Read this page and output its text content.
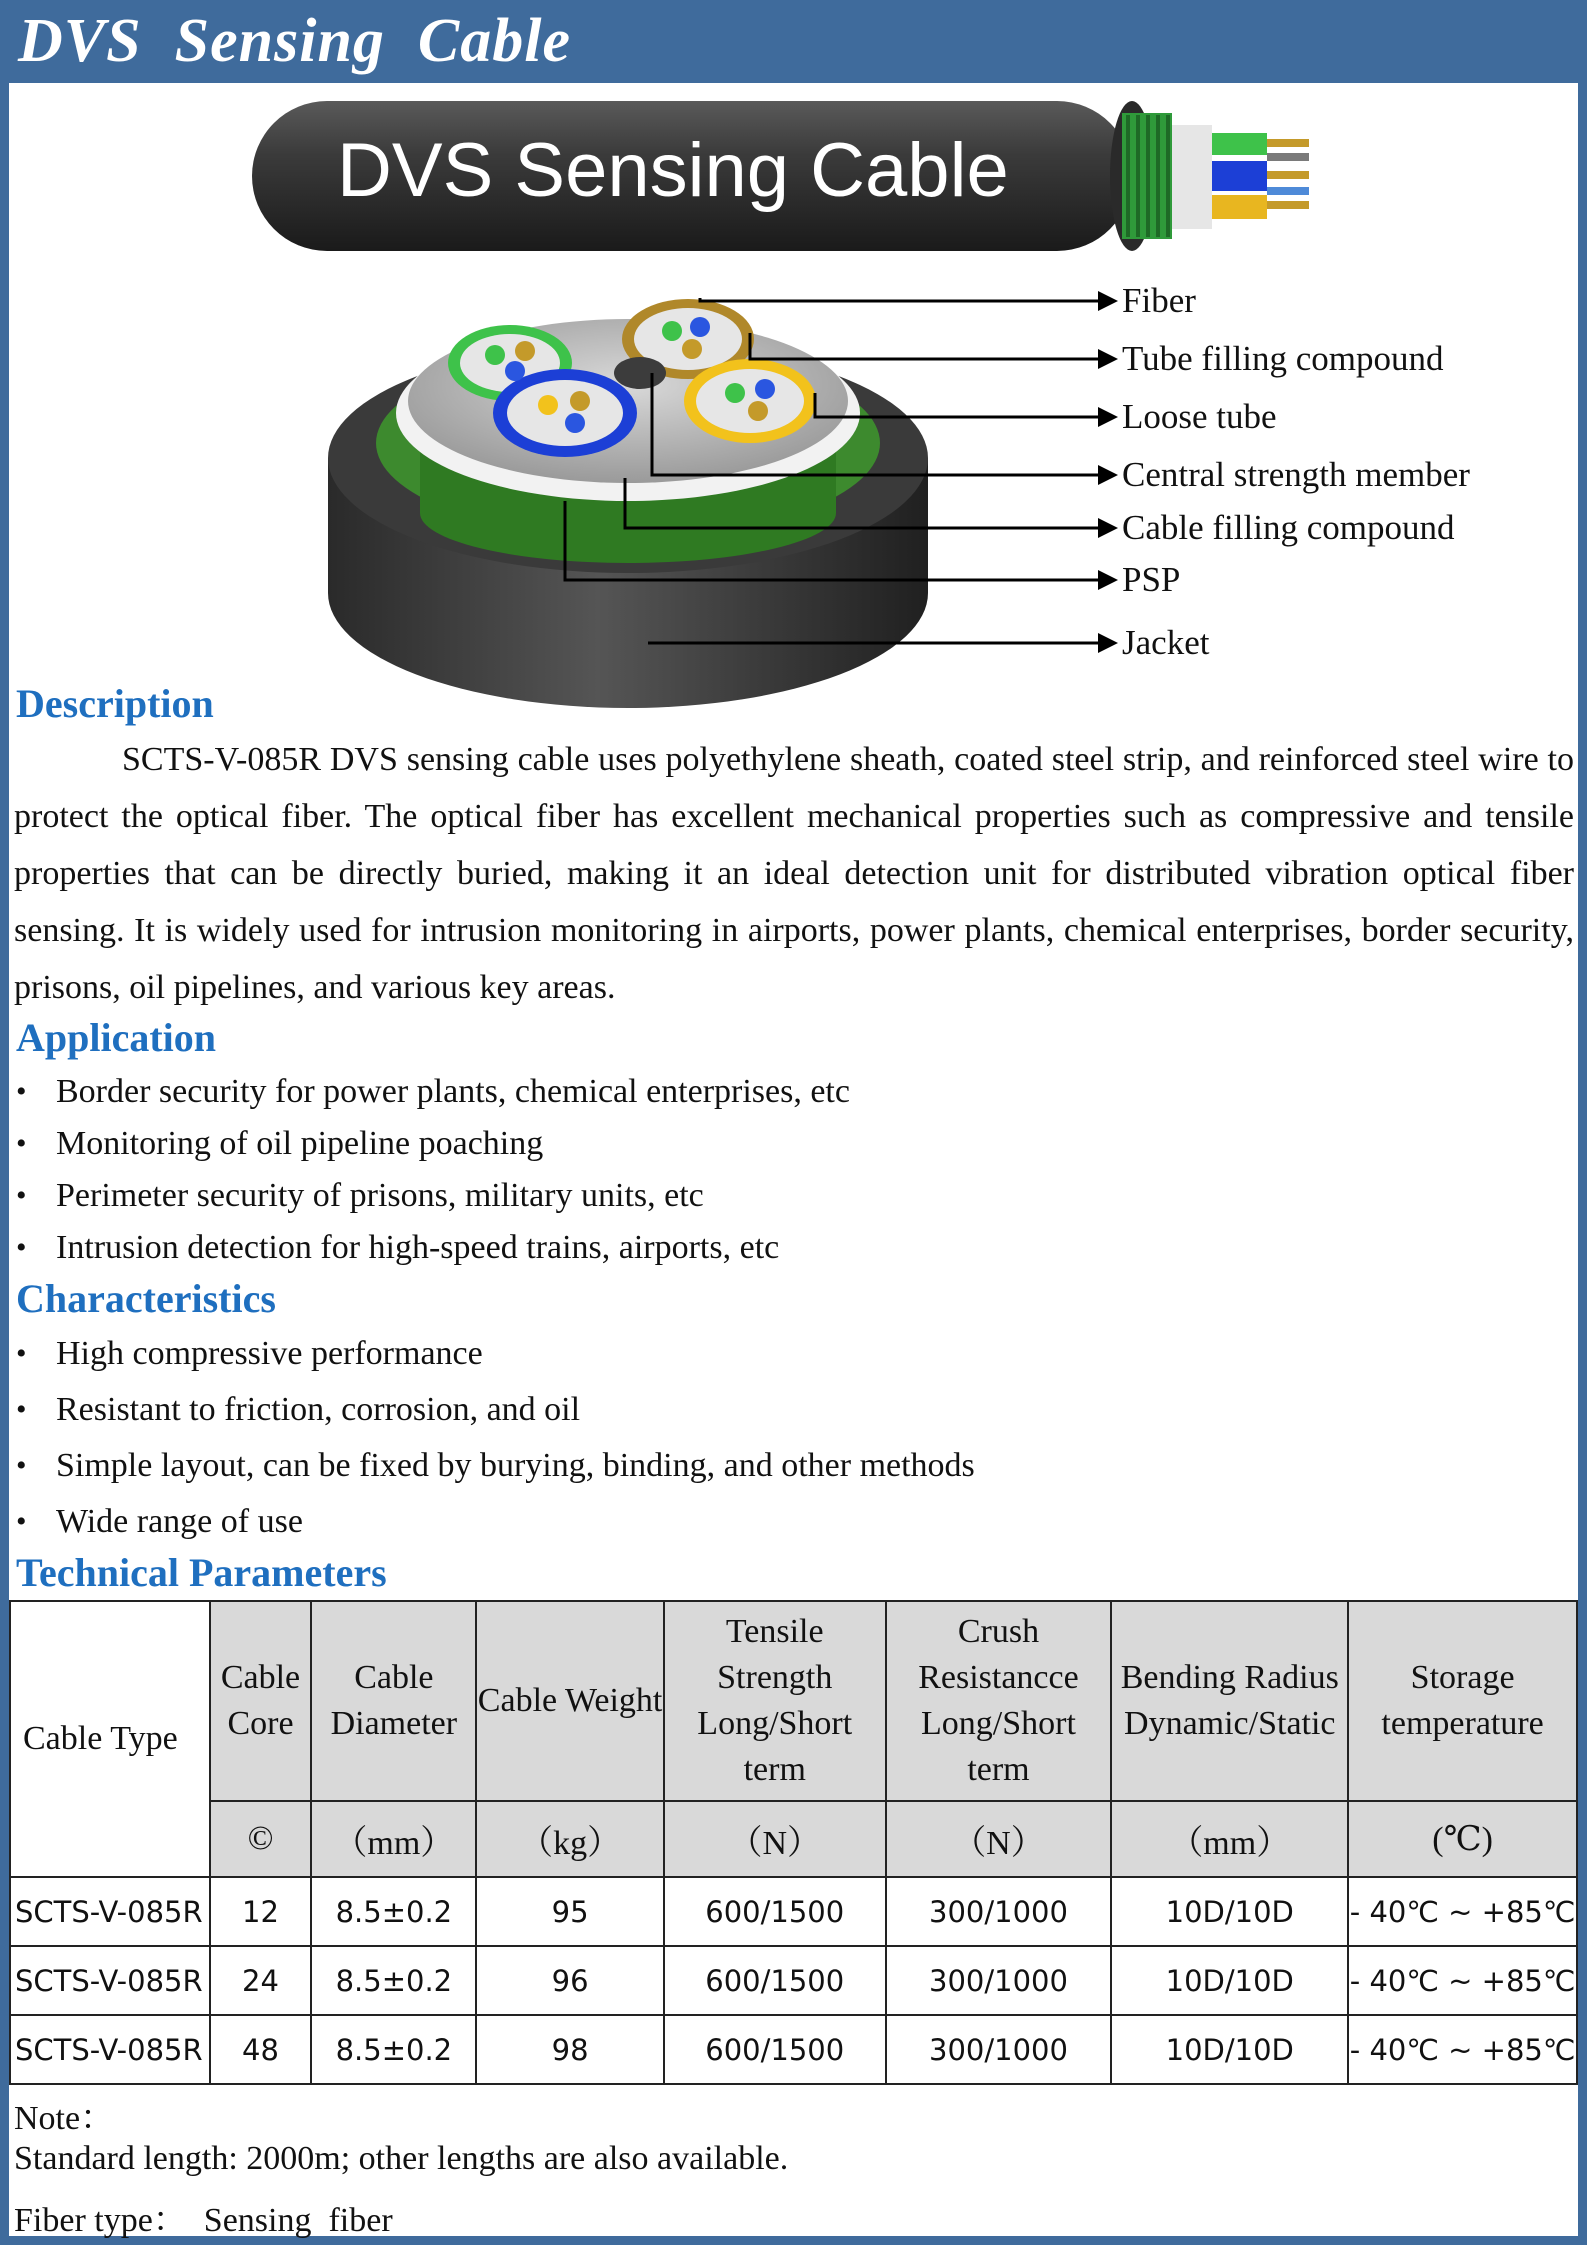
DVS  Sensing  Cable
DVS Sensing Cable
Fiber
Tube filling compound
Loose tube
Central strength member
Cable filling compound
PSP
Jacket
Description

SCTS-V-085R DVS sensing cable uses polyethylene sheath, coated steel strip, and reinforced steel wire to protect the optical fiber. The optical fiber has excellent mechanical properties such as compressive and tensile properties that can be directly buried, making it an ideal detection unit for distributed vibration optical fiber sensing. It is widely used for intrusion monitoring in airports, power plants, chemical enterprises, border security, prisons, oil pipelines, and various key areas.

Application
• Border security for power plants, chemical enterprises, etc
• Monitoring of oil pipeline poaching
• Perimeter security of prisons, military units, etc
• Intrusion detection for high-speed trains, airports, etc
Characteristics
• High compressive performance
• Resistant to friction, corrosion, and oil
• Simple layout, can be fixed by burying, binding, and other methods
• Wide range of use
Technical Parameters
Cable Type	Cable Core	Cable Diameter	Cable Weight	Tensile Strength Long/Short term	Crush Resistancce Long/Short term	Bending Radius Dynamic/Static	Storage temperature
	©	（mm）	（kg）	（N）	（N）	（mm）	(℃)
SCTS-V-085R	12	8.5±0.2	95	600/1500	300/1000	10D/10D	- 40℃ ~ +85℃
SCTS-V-085R	24	8.5±0.2	96	600/1500	300/1000	10D/10D	- 40℃ ~ +85℃
SCTS-V-085R	48	8.5±0.2	98	600/1500	300/1000	10D/10D	- 40℃ ~ +85℃
Note：
Standard length: 2000m; other lengths are also available.
Fiber type：  Sensing  fiber
